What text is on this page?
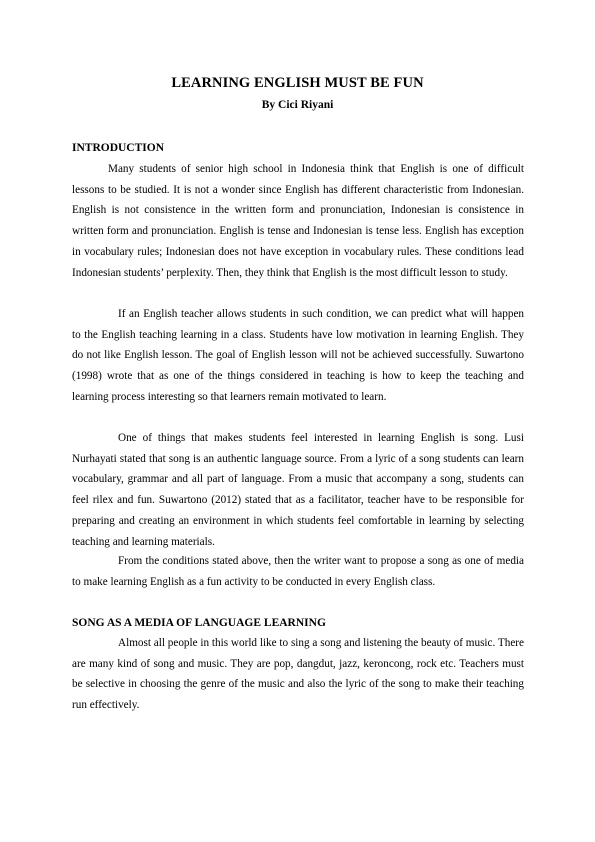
LEARNING ENGLISH MUST BE FUN
By Cici Riyani
INTRODUCTION

Many students of senior high school in Indonesia think that English is one of difficult lessons to be studied. It is not a wonder since English has different characteristic from Indonesian. English is not consistence in the written form and pronunciation, Indonesian is consistence in written form and pronunciation. English is tense and Indonesian is tense less. English has exception in vocabulary rules; Indonesian does not have exception in vocabulary rules. These conditions lead Indonesian students’ perplexity. Then, they think that English is the most difficult lesson to study.

If an English teacher allows students in such condition, we can predict what will happen to the English teaching learning in a class. Students have low motivation in learning English. They do not like English lesson. The goal of English lesson will not be achieved successfully. Suwartono (1998) wrote that as one of the things considered in teaching is how to keep the teaching and learning process interesting so that learners remain motivated to learn.

One of things that makes students feel interested in learning English is song. Lusi Nurhayati stated that song is an authentic language source. From a lyric of a song students can learn vocabulary, grammar and all part of language. From a music that accompany a song, students can feel rilex and fun. Suwartono (2012) stated that as a facilitator, teacher have to be responsible for preparing and creating an environment in which students feel comfortable in learning by selecting teaching and learning materials.

From the conditions stated above, then the writer want to propose a song as one of media to make learning English as a fun activity to be conducted in every English class.

SONG AS A MEDIA OF LANGUAGE LEARNING

Almost all people in this world like to sing a song and listening the beauty of music. There are many kind of song and music. They are pop, dangdut, jazz, keroncong, rock etc. Teachers must be selective in choosing the genre of the music and also the lyric of the song to make their teaching run effectively.
